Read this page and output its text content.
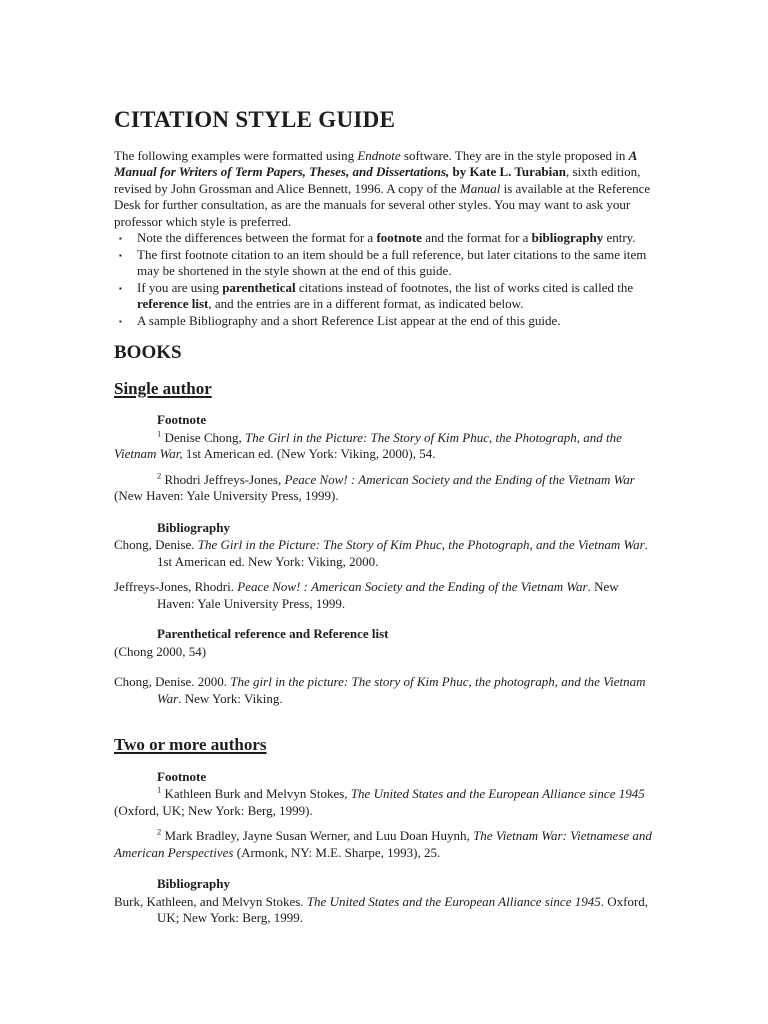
CITATION STYLE GUIDE
The following examples were formatted using Endnote software. They are in the style proposed in A Manual for Writers of Term Papers, Theses, and Dissertations, by Kate L. Turabian, sixth edition, revised by John Grossman and Alice Bennett, 1996. A copy of the Manual is available at the Reference Desk for further consultation, as are the manuals for several other styles. You may want to ask your professor which style is preferred.
▪ Note the differences between the format for a footnote and the format for a bibliography entry.
▪ The first footnote citation to an item should be a full reference, but later citations to the same item may be shortened in the style shown at the end of this guide.
▪ If you are using parenthetical citations instead of footnotes, the list of works cited is called the reference list, and the entries are in a different format, as indicated below.
▪ A sample Bibliography and a short Reference List appear at the end of this guide.
BOOKS
Single author
Footnote
$^1$ Denise Chong, The Girl in the Picture: The Story of Kim Phuc, the Photograph, and the Vietnam War, 1st American ed. (New York: Viking, 2000), 54.
$^2$ Rhodri Jeffreys-Jones, Peace Now! : American Society and the Ending of the Vietnam War (New Haven: Yale University Press, 1999).
Bibliography
Chong, Denise. The Girl in the Picture: The Story of Kim Phuc, the Photograph, and the Vietnam War. 1st American ed. New York: Viking, 2000.
Jeffreys-Jones, Rhodri. Peace Now! : American Society and the Ending of the Vietnam War. New Haven: Yale University Press, 1999.
Parenthetical reference and Reference list
(Chong 2000, 54)
Chong, Denise. 2000. The girl in the picture: The story of Kim Phuc, the photograph, and the Vietnam War. New York: Viking.
Two or more authors
Footnote
$^1$ Kathleen Burk and Melvyn Stokes, The United States and the European Alliance since 1945 (Oxford, UK; New York: Berg, 1999).
$^2$ Mark Bradley, Jayne Susan Werner, and Luu Doan Huynh, The Vietnam War: Vietnamese and American Perspectives (Armonk, NY: M.E. Sharpe, 1993), 25.
Bibliography
Burk, Kathleen, and Melvyn Stokes. The United States and the European Alliance since 1945. Oxford, UK; New York: Berg, 1999.
